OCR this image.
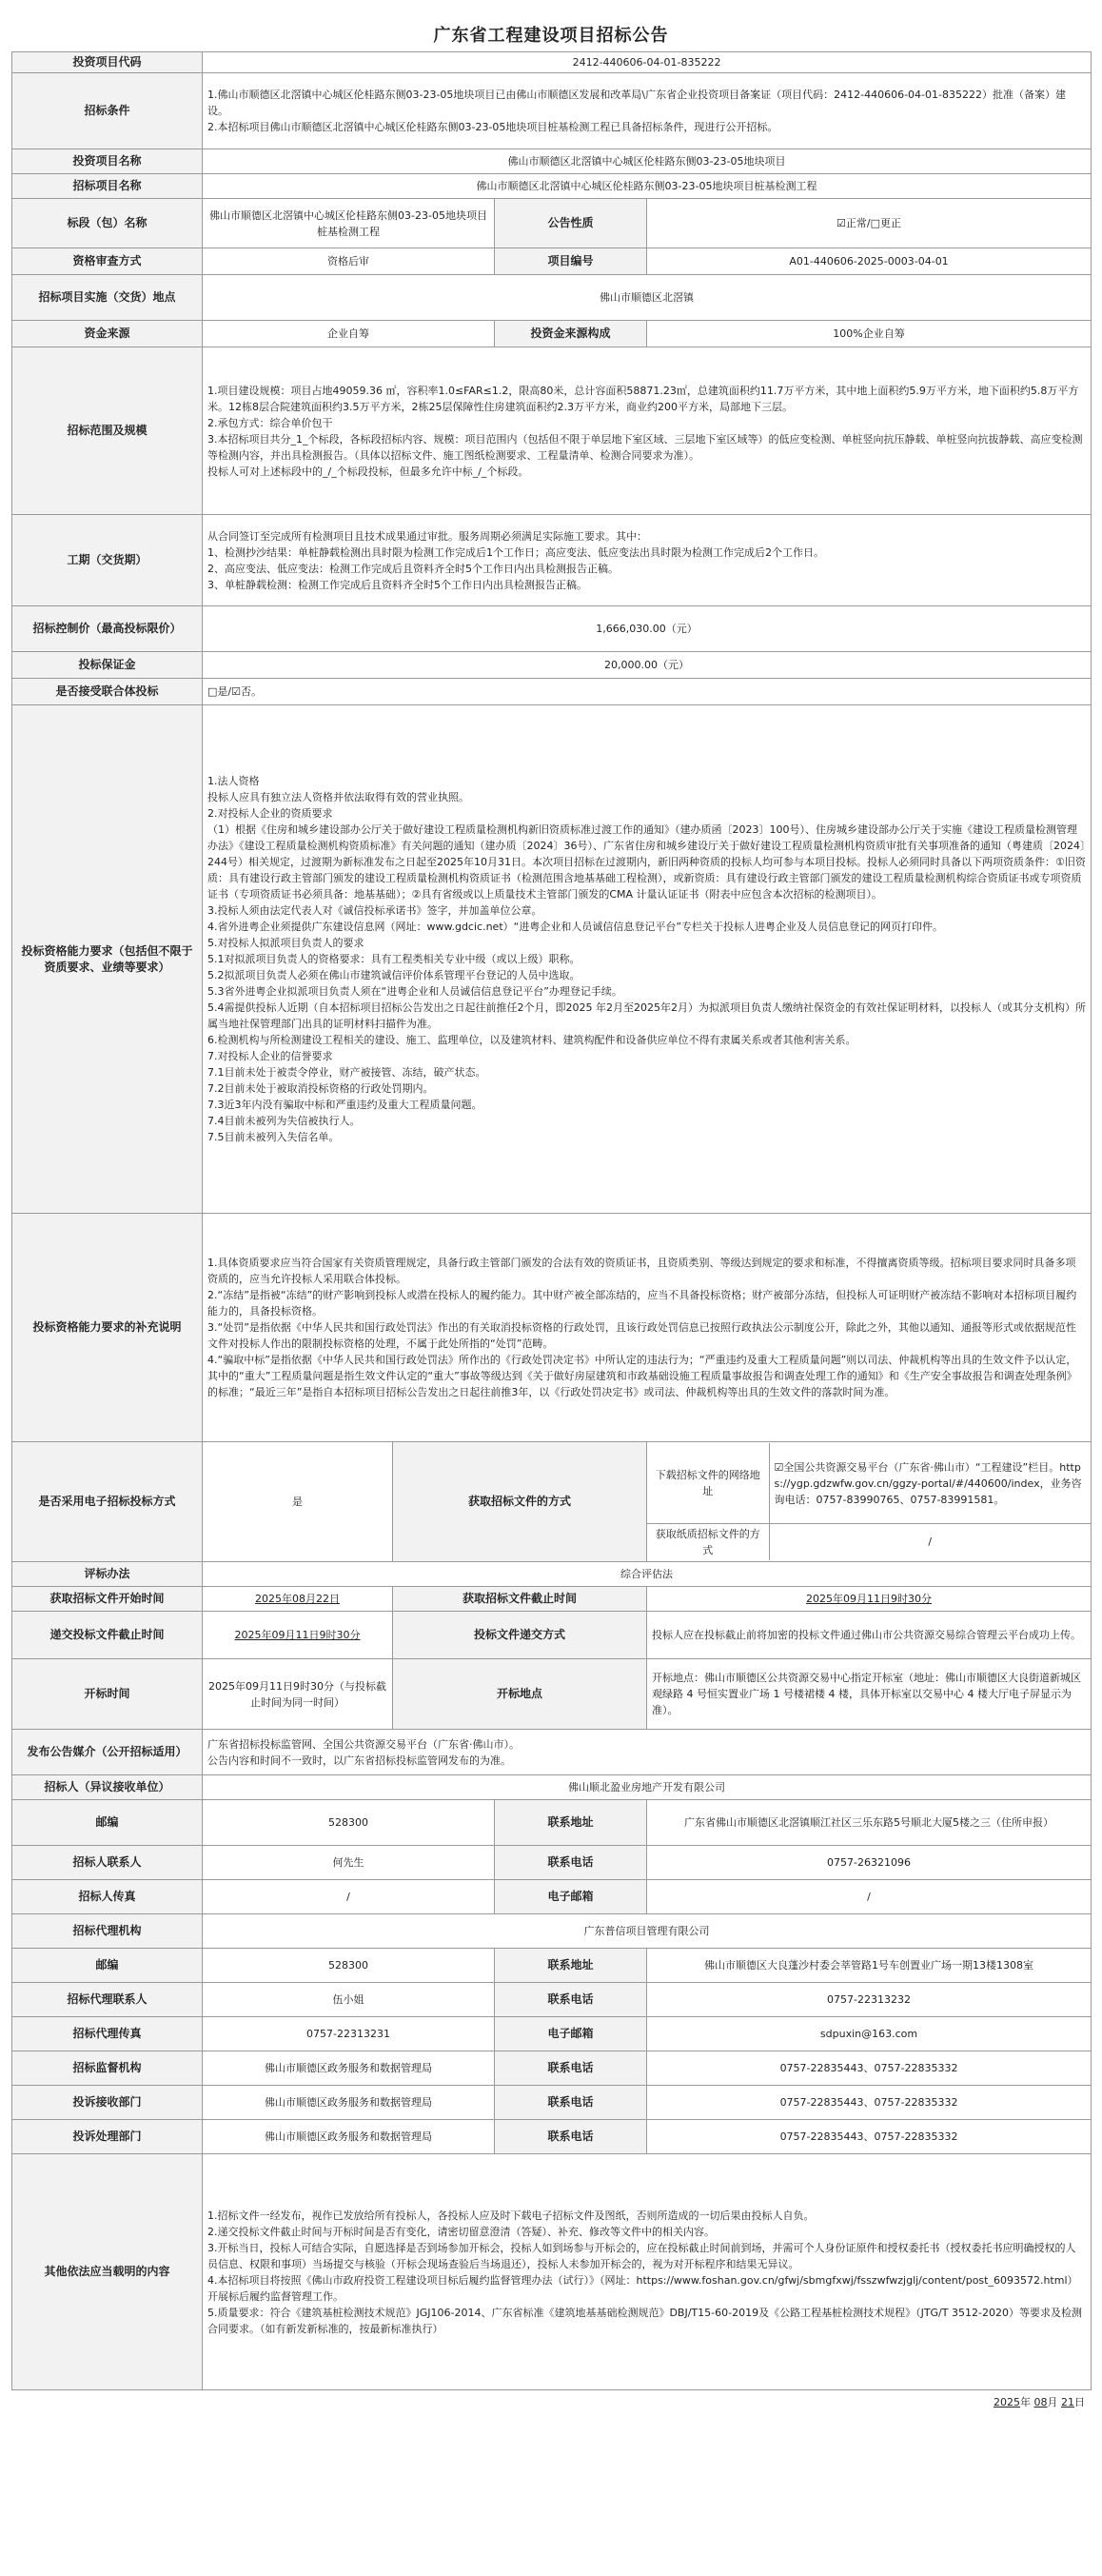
广东省工程建设项目招标公告
投资项目代码	2412-440606-04-01-835222
招标条件	
1.佛山市顺德区北滘镇中心城区伦桂路东侧03-23-05地块项目已由佛山市顺德区发展和改革局\广东省企业投资项目备案证（项目代码：2412-440606-04-01-835222）批准（备案）建设。
2.本招标项目佛山市顺德区北滘镇中心城区伦桂路东侧03-23-05地块项目桩基检测工程已具备招标条件，现进行公开招标。

投资项目名称	佛山市顺德区北滘镇中心城区伦桂路东侧03-23-05地块项目
招标项目名称	佛山市顺德区北滘镇中心城区伦桂路东侧03-23-05地块项目桩基检测工程
标段（包）名称	佛山市顺德区北滘镇中心城区伦桂路东侧03-23-05地块项目桩基检测工程	公告性质	☑正常/□更正
资格审查方式	资格后审	项目编号	A01-440606-2025-0003-04-01
招标项目实施（交货）地点	佛山市顺德区北滘镇
资金来源	企业自筹	投资金来源构成	100%企业自筹
招标范围及规模	
1.项目建设规模：项目占地49059.36 ㎡，容积率1.0≤FAR≤1.2，限高80米，总计容面积58871.23㎡，总建筑面积约11.7万平方米，其中地上面积约5.9万平方米，地下面积约5.8万平方米。12栋8层合院建筑面积约3.5万平方米，2栋25层保障性住房建筑面积约2.3万平方米，商业约200平方米，局部地下三层。
2.承包方式：综合单价包干
3.本招标项目共分_1_个标段，各标段招标内容、规模：项目范围内（包括但不限于单层地下室区域、三层地下室区域等）的低应变检测、单桩竖向抗压静载、单桩竖向抗拔静载、高应变检测等检测内容，并出具检测报告。（具体以招标文件、施工图纸检测要求、工程量清单、检测合同要求为准）。
投标人可对上述标段中的_/_个标段投标，但最多允许中标_/_个标段。

工期（交货期）	
从合同签订至完成所有检测项目且技术成果通过审批。服务周期必须满足实际施工要求。其中：
1、检测抄沙结果：单桩静载检测出具时限为检测工作完成后1个工作日；高应变法、低应变法出具时限为检测工作完成后2个工作日。
2、高应变法、低应变法：检测工作完成后且资料齐全时5个工作日内出具检测报告正稿。
3、单桩静载检测：检测工作完成后且资料齐全时5个工作日内出具检测报告正稿。

招标控制价（最高投标限价）	1,666,030.00（元）
投标保证金	20,000.00（元）
是否接受联合体投标	□是/☑否。
投标资格能力要求（包括但不限于资质要求、业绩等要求）	
1.法人资格
投标人应具有独立法人资格并依法取得有效的营业执照。
2.对投标人企业的资质要求
（1）根据《住房和城乡建设部办公厅关于做好建设工程质量检测机构新旧资质标准过渡工作的通知》（建办质函〔2023〕100号）、住房城乡建设部办公厅关于实施《建设工程质量检测管理办法》《建设工程质量检测机构资质标准》有关问题的通知（建办质〔2024〕36号）、广东省住房和城乡建设厅关于做好建设工程质量检测机构资质审批有关事项准备的通知（粤建质〔2024〕244号）相关规定，过渡期为新标准发布之日起至2025年10月31日。本次项目招标在过渡期内，新旧两种资质的投标人均可参与本项目投标。投标人必须同时具备以下两项资质条件：①旧资质：具有建设行政主管部门颁发的建设工程质量检测机构资质证书（检测范围含地基基础工程检测），或新资质：具有建设行政主管部门颁发的建设工程质量检测机构综合资质证书或专项资质证书（专项资质证书必须具备：地基基础）；②具有省级或以上质量技术主管部门颁发的CMA 计量认证证书（附表中应包含本次招标的检测项目）。
3.投标人须由法定代表人对《诚信投标承诺书》签字，并加盖单位公章。
4.省外进粤企业须提供广东建设信息网（网址：www.gdcic.net）“进粤企业和人员诚信信息登记平台”专栏关于投标人进粤企业及人员信息登记的网页打印件。
5.对投标人拟派项目负责人的要求
5.1对拟派项目负责人的资格要求：具有工程类相关专业中级（或以上级）职称。
5.2拟派项目负责人必须在佛山市建筑诚信评价体系管理平台登记的人员中选取。
5.3省外进粤企业拟派项目负责人须在“进粤企业和人员诚信信息登记平台”办理登记手续。
5.4需提供投标人近期（自本招标项目招标公告发出之日起往前推任2个月，即2025 年2月至2025年2月）为拟派项目负责人缴纳社保资金的有效社保证明材料，以投标人（或其分支机构）所属当地社保管理部门出具的证明材料扫描件为准。
6.检测机构与所检测建设工程相关的建设、施工、监理单位，以及建筑材料、建筑构配件和设备供应单位不得有隶属关系或者其他利害关系。
7.对投标人企业的信誉要求
7.1目前未处于被责令停业，财产被接管、冻结，破产状态。
7.2目前未处于被取消投标资格的行政处罚期内。
7.3近3年内没有骗取中标和严重违约及重大工程质量问题。
7.4目前未被列为失信被执行人。
7.5目前未被列入失信名单。

投标资格能力要求的补充说明	
1.具体资质要求应当符合国家有关资质管理规定，具备行政主管部门颁发的合法有效的资质证书，且资质类别、等级达到规定的要求和标准，不得擅离资质等级。招标项目要求同时具备多项资质的，应当允许投标人采用联合体投标。
2.“冻结”是指被“冻结”的财产影响到投标人或潜在投标人的履约能力。其中财产被全部冻结的，应当不具备投标资格；财产被部分冻结，但投标人可证明财产被冻结不影响对本招标项目履约能力的，具备投标资格。
3.“处罚”是指依据《中华人民共和国行政处罚法》作出的有关取消投标资格的行政处罚，且该行政处罚信息已按照行政执法公示制度公开，除此之外，其他以通知、通报等形式或依据规范性文件对投标人作出的限制投标资格的处理，不属于此处所指的“处罚”范畴。
4.“骗取中标”是指依据《中华人民共和国行政处罚法》所作出的《行政处罚决定书》中所认定的违法行为；“严重违约及重大工程质量问题”则以司法、仲裁机构等出具的生效文件予以认定，其中的“重大”工程质量问题是指生效文件认定的“重大”事故等级达到《关于做好房屋建筑和市政基础设施工程质量事故报告和调查处理工作的通知》和《生产安全事故报告和调查处理条例》的标准；“最近三年”是指自本招标项目招标公告发出之日起往前推3年，以《行政处罚决定书》或司法、仲裁机构等出具的生效文件的落款时间为准。

是否采用电子招标投标方式	是	获取招标文件的方式	
下载招标文件的网络地址	☑全国公共资源交易平台（广东省·佛山市）“工程建设”栏目。https://ygp.gdzwfw.gov.cn/ggzy-portal/#/440600/index，业务咨询电话：0757-83990765、0757-83991581。
获取纸质招标文件的方式	/

评标办法	综合评估法
获取招标文件开始时间	2025年08月22日	获取招标文件截止时间	2025年09月11日9时30分
递交投标文件截止时间	2025年09月11日9时30分	投标文件递交方式	投标人应在投标截止前将加密的投标文件通过佛山市公共资源交易综合管理云平台成功上传。
开标时间	2025年09月11日9时30分（与投标截止时间为同一时间）	开标地点	开标地点：佛山市顺德区公共资源交易中心指定开标室（地址：佛山市顺德区大良街道新城区观绿路 4 号恒实置业广场 1 号楼裙楼 4 楼，具体开标室以交易中心 4 楼大厅电子屏显示为准）。
发布公告媒介（公开招标适用）	
广东省招标投标监管网、全国公共资源交易平台（广东省·佛山市）。
公告内容和时间不一致时，以广东省招标投标监管网发布的为准。

招标人（异议接收单位）	佛山顺北盈业房地产开发有限公司
邮编	528300	联系地址	广东省佛山市顺德区北滘镇顺江社区三乐东路5号顺北大厦5楼之三（住所申报）
招标人联系人	何先生	联系电话	0757-26321096
招标人传真	/	电子邮箱	/
招标代理机构	广东普信项目管理有限公司
邮编	528300	联系地址	佛山市顺德区大良蓬沙村委会莘管路1号车创置业广场一期13楼1308室
招标代理联系人	伍小姐	联系电话	0757-22313232
招标代理传真	0757-22313231	电子邮箱	sdpuxin@163.com
招标监督机构	佛山市顺德区政务服务和数据管理局	联系电话	0757-22835443、0757-22835332
投诉接收部门	佛山市顺德区政务服务和数据管理局	联系电话	0757-22835443、0757-22835332
投诉处理部门	佛山市顺德区政务服务和数据管理局	联系电话	0757-22835443、0757-22835332
其他依法应当载明的内容	
1.招标文件一经发布，视作已发放给所有投标人，各投标人应及时下载电子招标文件及图纸，否则所造成的一切后果由投标人自负。
2.递交投标文件截止时间与开标时间是否有变化，请密切留意澄清（答疑）、补充、修改等文件中的相关内容。
3.开标当日，投标人可结合实际，自愿选择是否到场参加开标会，投标人如到场参与开标会的，应在投标截止时间前到场，并需可个人身份证原件和授权委托书（授权委托书应明确授权的人员信息、权限和事项）当场提交与核验（开标会现场查验后当场退还），投标人未参加开标会的，视为对开标程序和结果无异议。
4.本招标项目将按照《佛山市政府投资工程建设项目标后履约监督管理办法（试行）》（网址：https://www.foshan.gov.cn/gfwj/sbmgfxwj/fsszwfwzjglj/content/post_6093572.html）开展标后履约监督管理工作。
5.质量要求：符合《建筑基桩检测技术规范》JGJ106-2014、广东省标准《建筑地基基础检测规范》DBJ/T15-60-2019及《公路工程基桩检测技术规程》（JTG/T 3512-2020）等要求及检测合同要求。（如有新发新标准的，按最新标准执行）
2025年 08月 21日
